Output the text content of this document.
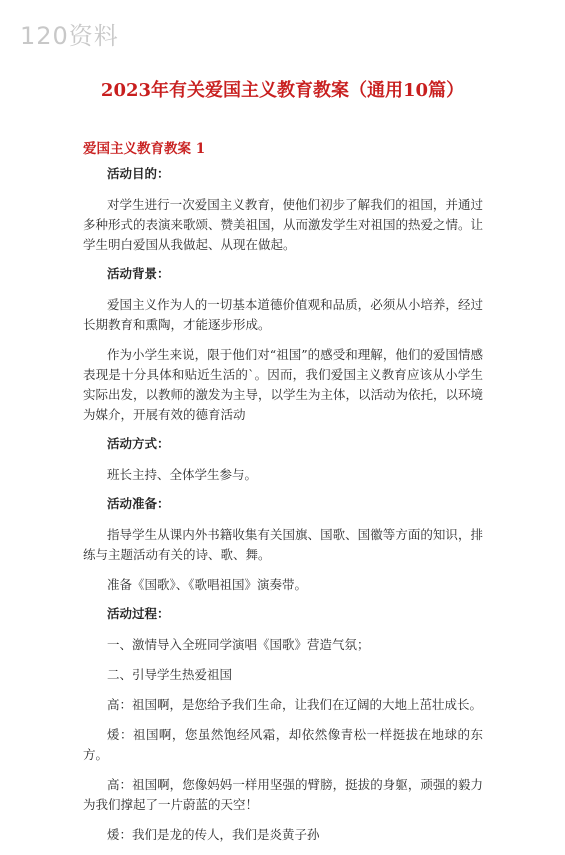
120资料
2023年有关爱国主义教育教案（通用10篇）
爱国主义教育教案 1
活动目的：

对学生进行一次爱国主义教育，使他们初步了解我们的祖国，并通过多种形式的表演来歌颂、赞美祖国，从而激发学生对祖国的热爱之情。让学生明白爱国从我做起、从现在做起。

活动背景：

爱国主义作为人的一切基本道德价值观和品质，必须从小培养，经过长期教育和熏陶，才能逐步形成。

作为小学生来说，限于他们对“祖国”的感受和理解，他们的爱国情感表现是十分具体和贴近生活的`。因而，我们爱国主义教育应该从小学生实际出发，以教师的激发为主导，以学生为主体，以活动为依托，以环境为媒介，开展有效的德育活动

活动方式：

班长主持、全体学生参与。

活动准备：

指导学生从课内外书籍收集有关国旗、国歌、国徽等方面的知识，排练与主题活动有关的诗、歌、舞。

准备《国歌》、《歌唱祖国》演奏带。

活动过程：

一、激情导入全班同学演唱《国歌》营造气氛；

二、引导学生热爱祖国

高：祖国啊，是您给予我们生命，让我们在辽阔的大地上茁壮成长。

煖：祖国啊，您虽然饱经风霜，却依然像青松一样挺拔在地球的东方。

高：祖国啊，您像妈妈一样用坚强的臂膀，挺拔的身躯，顽强的毅力为我们撑起了一片蔚蓝的天空！

煖：我们是龙的传人，我们是炎黄子孙
